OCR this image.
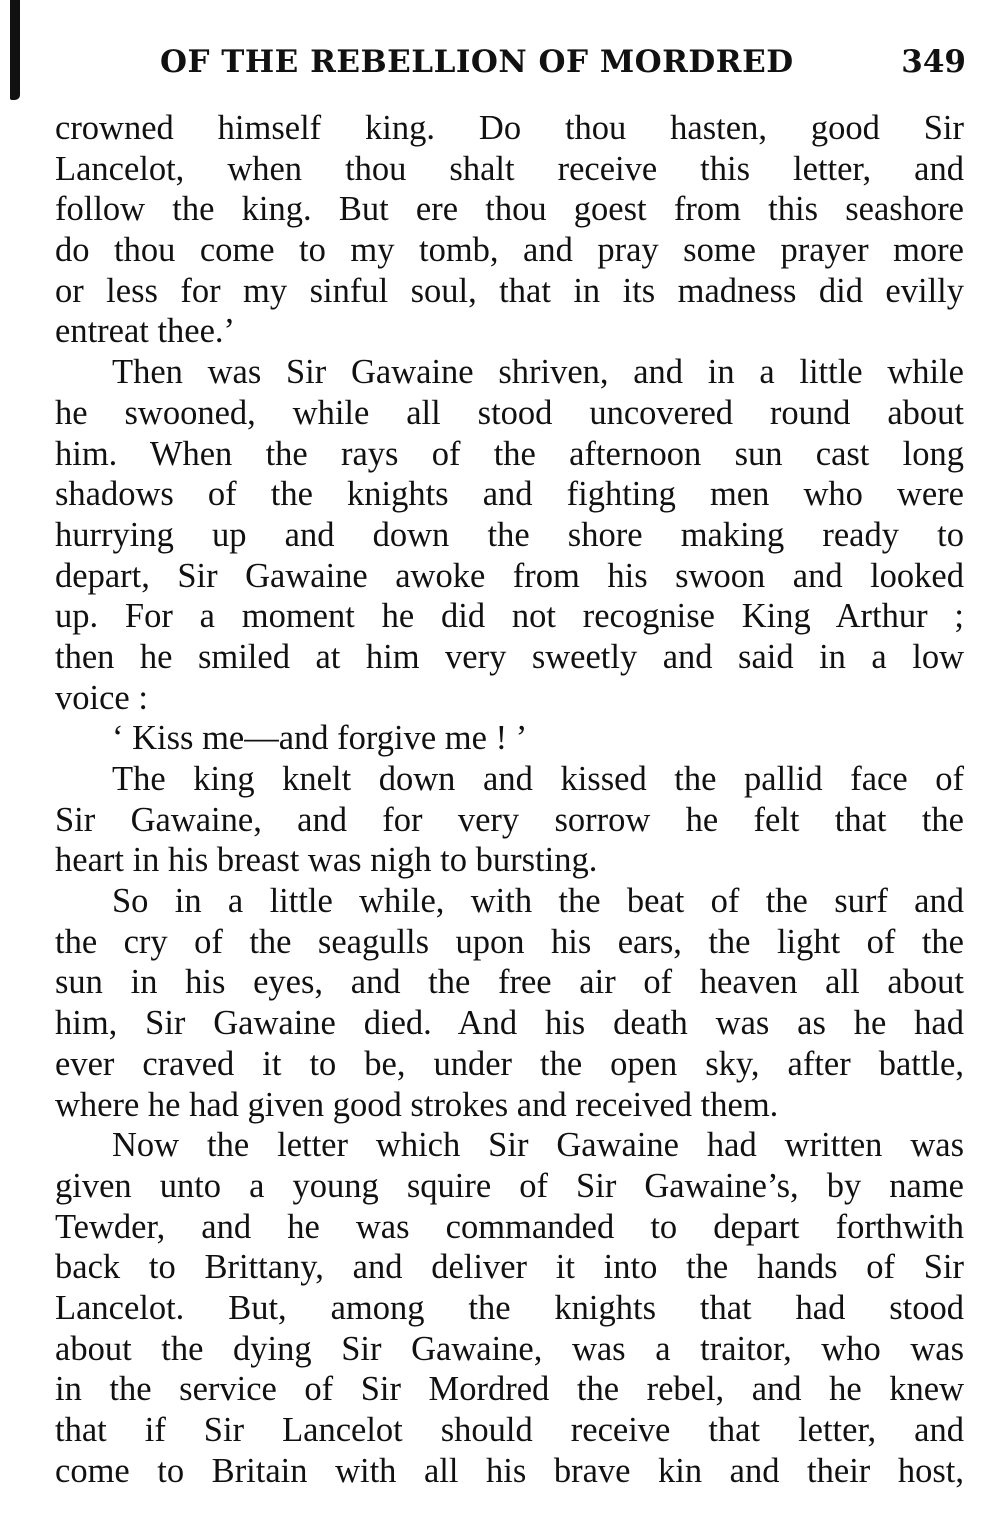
OF THE REBELLION OF MORDRED	349
crowned himself king. Do thou hasten, good Sir
Lancelot, when thou shalt receive this letter, and
follow the king. But ere thou goest from this seashore
do thou come to my tomb, and pray some prayer more
or less for my sinful soul, that in its madness did evilly
entreat thee.’
Then was Sir Gawaine shriven, and in a little while
he swooned, while all stood uncovered round about
him. When the rays of the afternoon sun cast long
shadows of the knights and fighting men who were
hurrying up and down the shore making ready to
depart, Sir Gawaine awoke from his swoon and looked
up. For a moment he did not recognise King Arthur ;
then he smiled at him very sweetly and said in a low
voice :
‘ Kiss me—and forgive me ! ’
The king knelt down and kissed the pallid face of
Sir Gawaine, and for very sorrow he felt that the
heart in his breast was nigh to bursting.
So in a little while, with the beat of the surf and
the cry of the seagulls upon his ears, the light of the
sun in his eyes, and the free air of heaven all about
him, Sir Gawaine died. And his death was as he had
ever craved it to be, under the open sky, after battle,
where he had given good strokes and received them.
Now the letter which Sir Gawaine had written was
given unto a young squire of Sir Gawaine’s, by name
Tewder, and he was commanded to depart forthwith
back to Brittany, and deliver it into the hands of Sir
Lancelot. But, among the knights that had stood
about the dying Sir Gawaine, was a traitor, who was
in the service of Sir Mordred the rebel, and he knew
that if Sir Lancelot should receive that letter, and
come to Britain with all his brave kin and their host,
